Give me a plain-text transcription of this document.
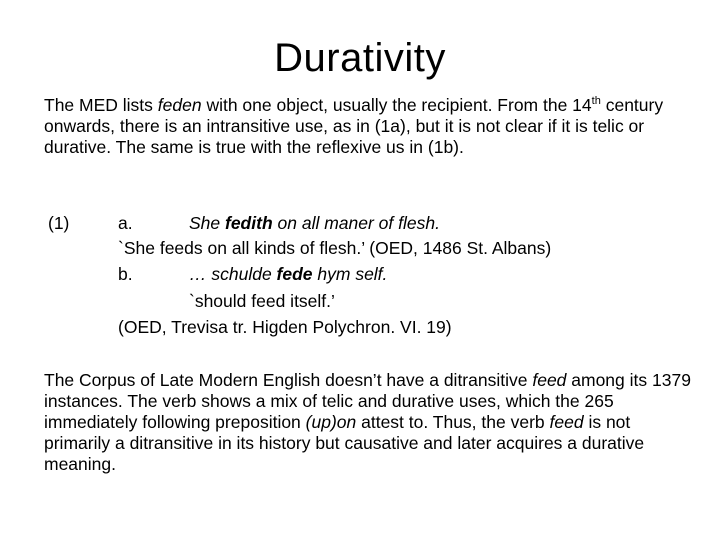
Durativity
The MED lists feden with one object, usually the recipient. From the 14th century onwards, there is an intransitive use, as in (1a), but it is not clear if it is telic or durative. The same is true with the reflexive us in (1b).
(1)	a.	She fedith on all maner of flesh.
`She feeds on all kinds of flesh.’ (OED, 1486 St. Albans)
b.	… schulde fede hym self.
`should feed itself.’
(OED, Trevisa tr. Higden Polychron. VI. 19)
The Corpus of Late Modern English doesn’t have a ditransitive feed among its 1379 instances. The verb shows a mix of telic and durative uses, which the 265 immediately following preposition (up)on attest to. Thus, the verb feed is not primarily a ditransitive in its history but causative and later acquires a durative meaning.
